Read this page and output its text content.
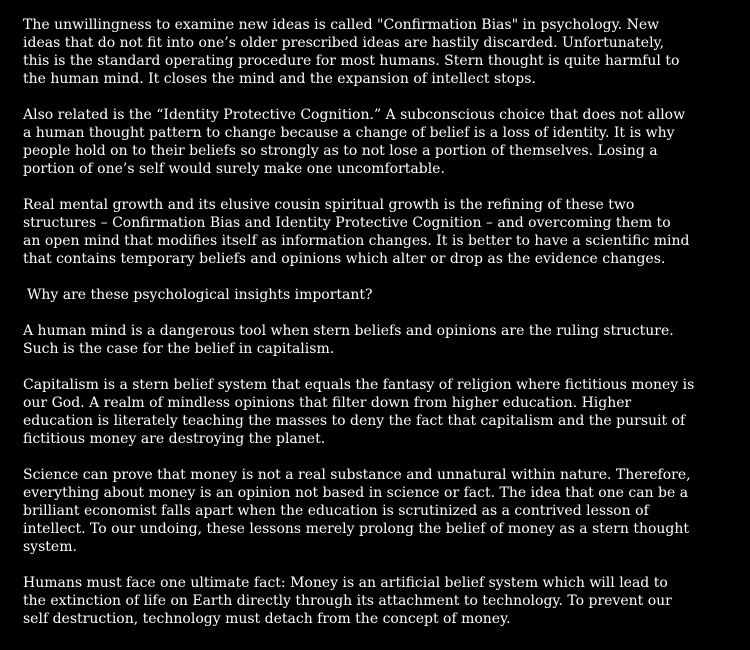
The unwillingness to examine new ideas is called "Confirmation Bias" in psychology. New
ideas that do not fit into one’s older prescribed ideas are hastily discarded. Unfortunately,
this is the standard operating procedure for most humans. Stern thought is quite harmful to
the human mind. It closes the mind and the expansion of intellect stops.

Also related is the “Identity Protective Cognition.” A subconscious choice that does not allow
a human thought pattern to change because a change of belief is a loss of identity. It is why
people hold on to their beliefs so strongly as to not lose a portion of themselves. Losing a
portion of one’s self would surely make one uncomfortable.

Real mental growth and its elusive cousin spiritual growth is the refining of these two
structures – Confirmation Bias and Identity Protective Cognition – and overcoming them to
an open mind that modifies itself as information changes. It is better to have a scientific mind
that contains temporary beliefs and opinions which alter or drop as the evidence changes.

Why are these psychological insights important?

A human mind is a dangerous tool when stern beliefs and opinions are the ruling structure.
Such is the case for the belief in capitalism.

Capitalism is a stern belief system that equals the fantasy of religion where fictitious money is
our God. A realm of mindless opinions that filter down from higher education. Higher
education is literately teaching the masses to deny the fact that capitalism and the pursuit of
fictitious money are destroying the planet.

Science can prove that money is not a real substance and unnatural within nature. Therefore,
everything about money is an opinion not based in science or fact. The idea that one can be a
brilliant economist falls apart when the education is scrutinized as a contrived lesson of
intellect. To our undoing, these lessons merely prolong the belief of money as a stern thought
system.

Humans must face one ultimate fact: Money is an artificial belief system which will lead to
the extinction of life on Earth directly through its attachment to technology. To prevent our
self destruction, technology must detach from the concept of money.
